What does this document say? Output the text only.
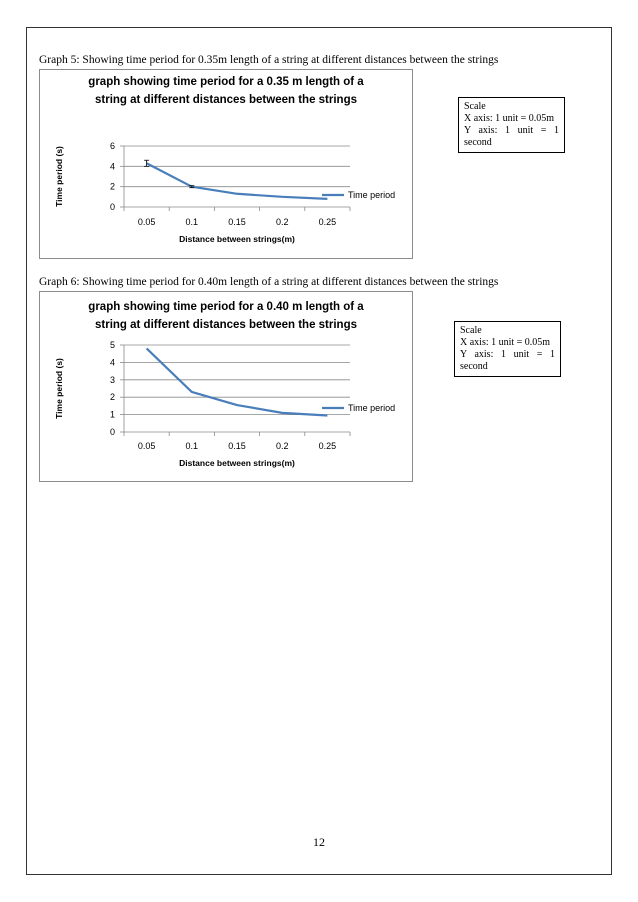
Graph 5: Showing time period for 0.35m length of a string at different distances between the strings
graph showing time period for a 0.35 m length of a
string at different distances between the strings
0
2
4
6
0.05	0.1	0.15	0.2	0.25
Distance between strings(m)
Time period (s)	Time period
Scale
X axis: 1 unit = 0.05m
Y axis: 1 unit = 1 second
Graph 6: Showing time period for 0.40m length of a string at different distances between the strings
graph showing time period for a 0.40 m length of a
string at different distances between the strings
0
1
2
3
4
5
0.05	0.1	0.15	0.2	0.25
Distance between strings(m)
Time period (s)	Time period
Scale
X axis: 1 unit = 0.05m
Y axis: 1 unit = 1 second
12
